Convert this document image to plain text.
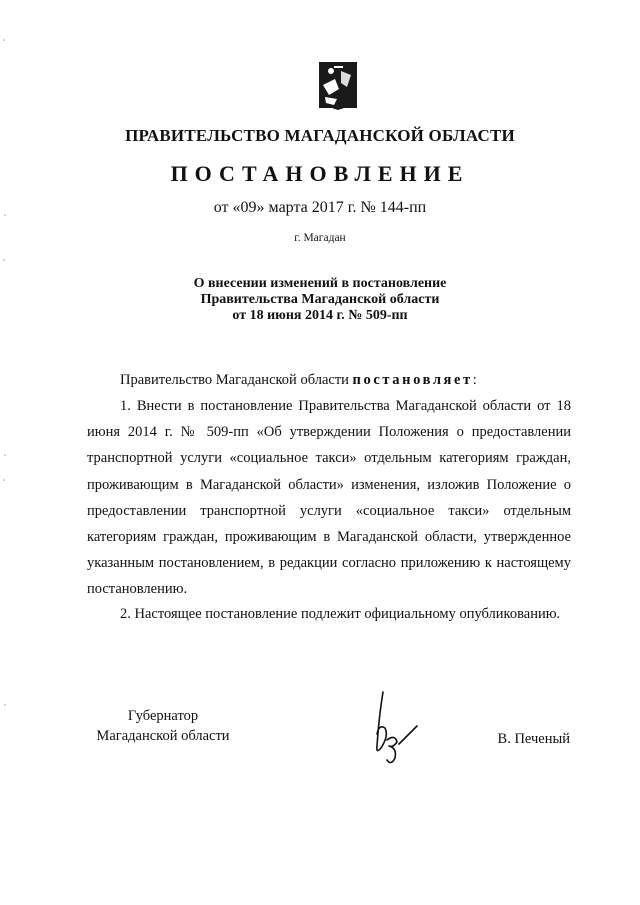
ПРАВИТЕЛЬСТВО МАГАДАНСКОЙ ОБЛАСТИ
ПОСТАНОВЛЕНИЕ
от «09» марта 2017 г. № 144-пп
г. Магадан
О внесении изменений в постановление
Правительства Магаданской области
от 18 июня 2014 г. № 509-пп
Правительство Магаданской области постановляет:
1. Внести в постановление Правительства Магаданской области от 18 июня 2014 г. № 509-пп «Об утверждении Положения о предоставлении транспортной услуги «социальное такси» отдельным категориям граждан, проживающим в Магаданской области» изменения, изложив Положение о предоставлении транспортной услуги «социальное такси» отдельным категориям граждан, проживающим в Магаданской области, утвержденное указанным постановлением, в редакции согласно приложению к настоящему постановлению.
2. Настоящее постановление подлежит официальному опубликованию.
Губернатор
Магаданской области	В. Печеный
